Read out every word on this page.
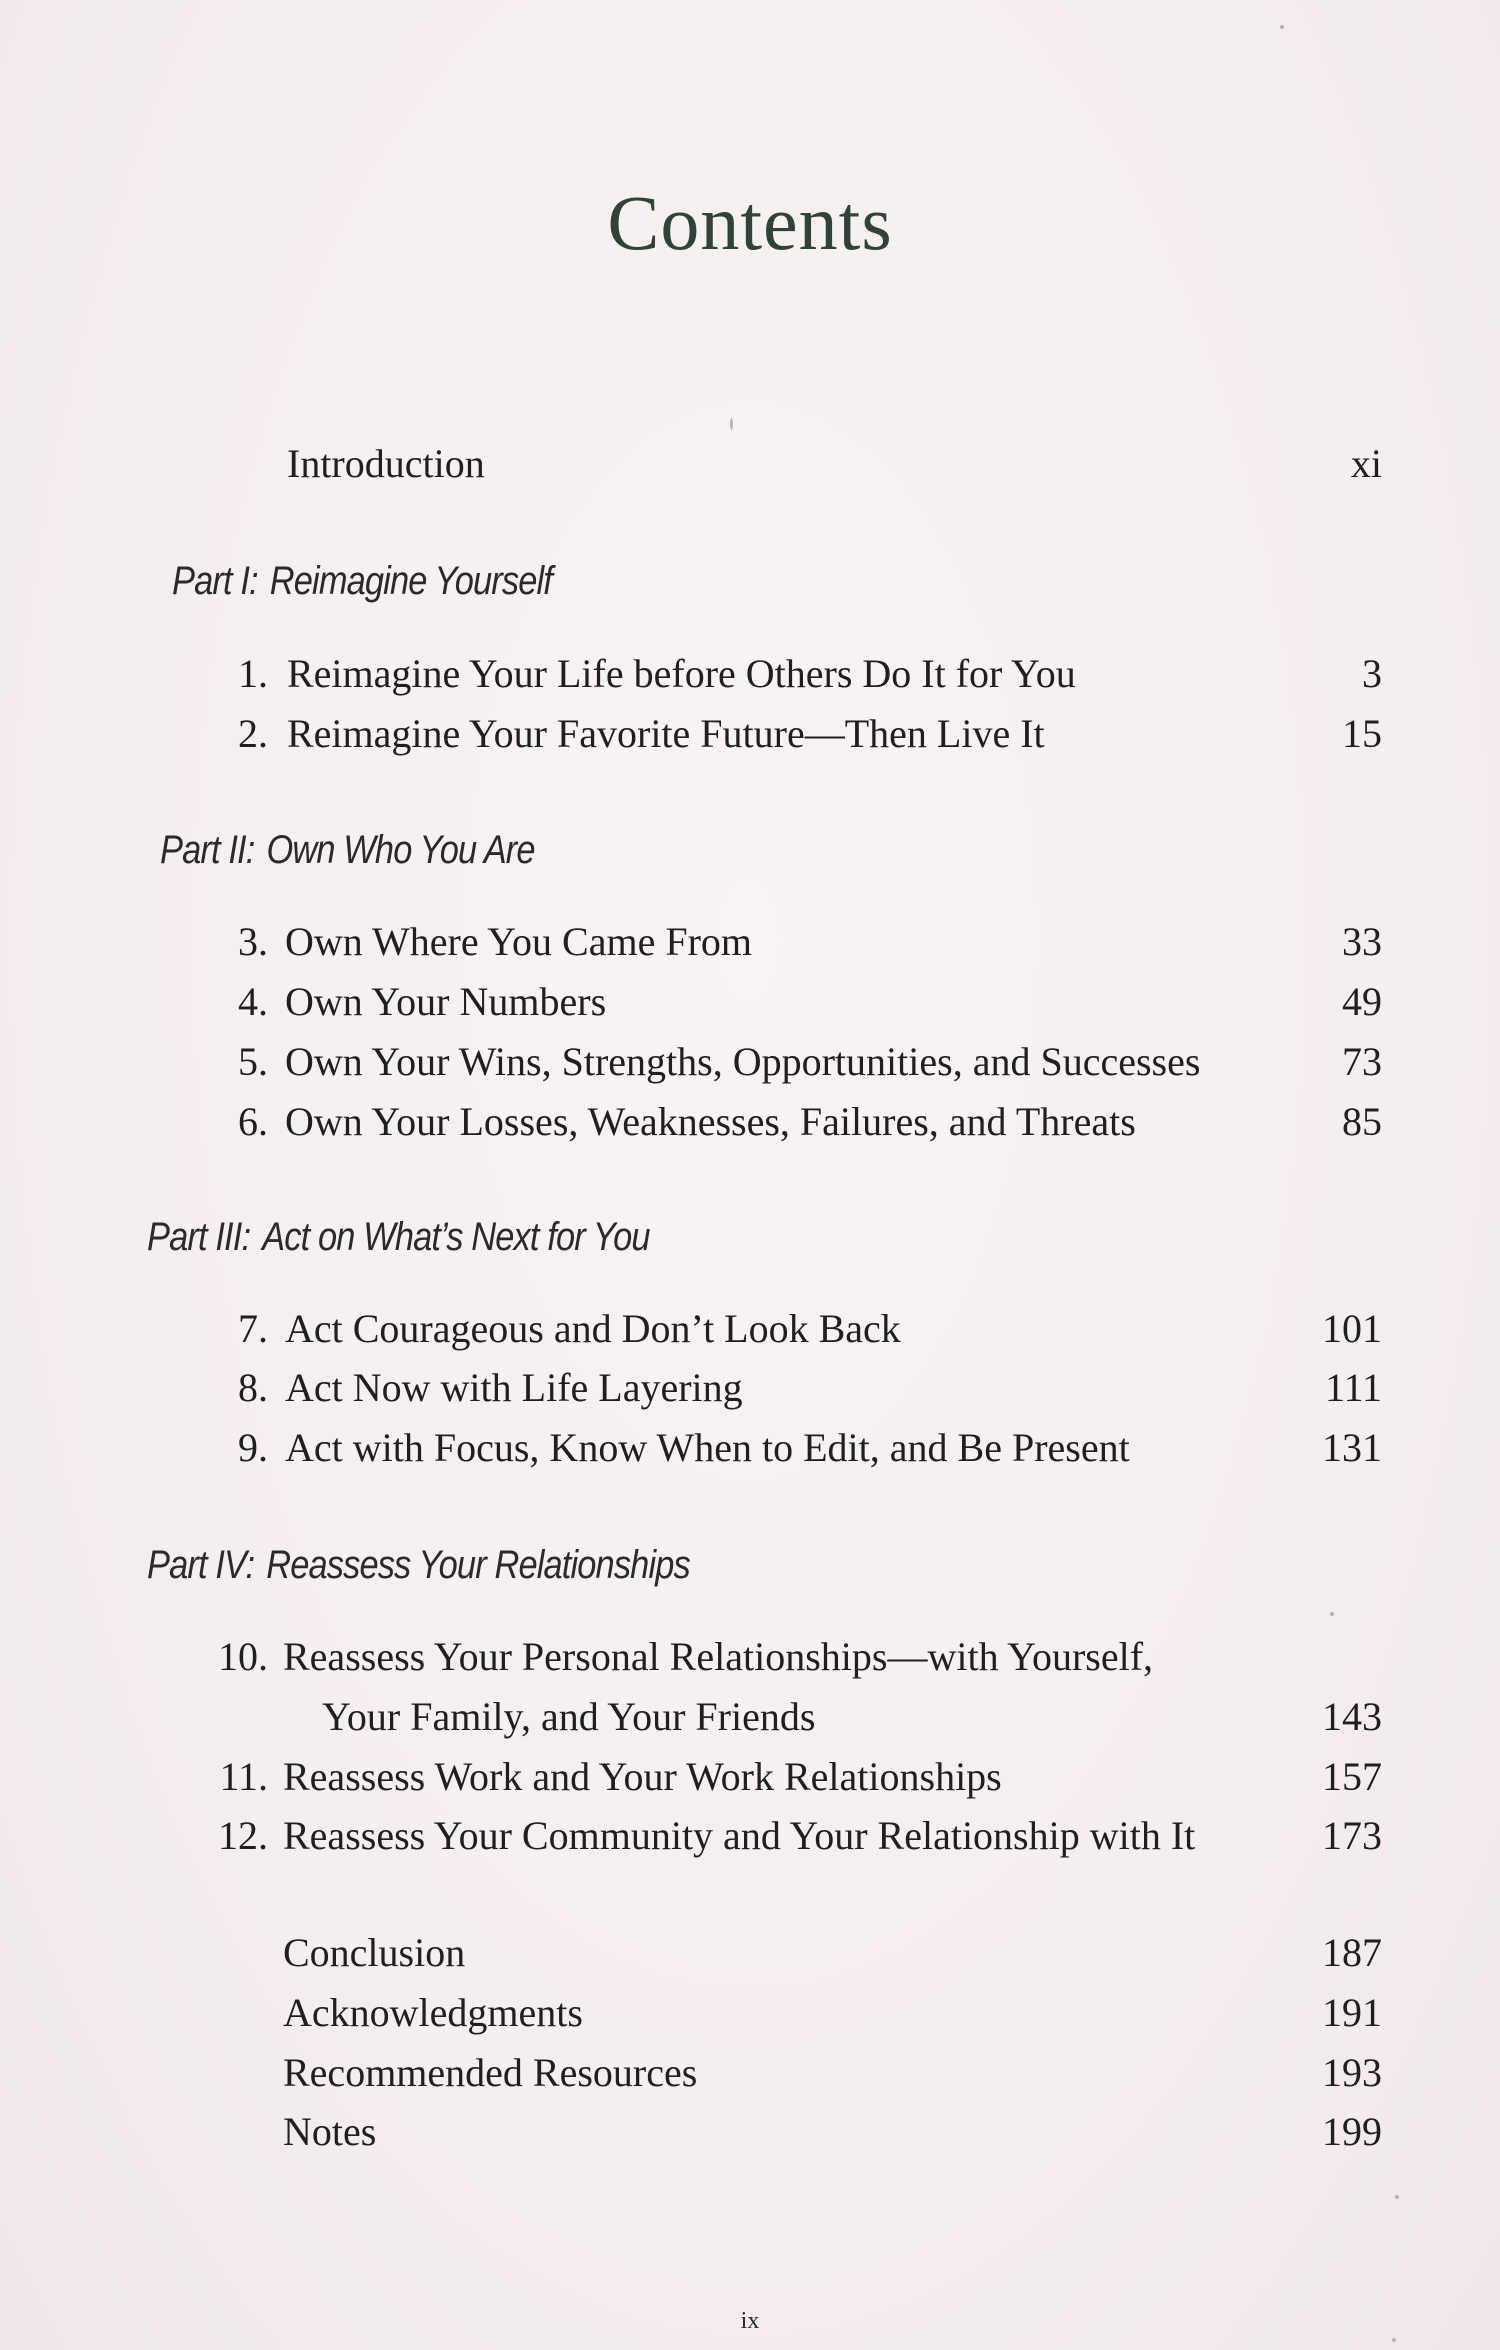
Contents
Introduction	xi
Part I: Reimagine Yourself
1. Reimagine Your Life before Others Do It for You	3
2. Reimagine Your Favorite Future—Then Live It	15
Part II: Own Who You Are
3. Own Where You Came From	33
4. Own Your Numbers	49
5. Own Your Wins, Strengths, Opportunities, and Successes	73
6. Own Your Losses, Weaknesses, Failures, and Threats	85
Part III: Act on What’s Next for You
7. Act Courageous and Don’t Look Back	101
8. Act Now with Life Layering	111
9. Act with Focus, Know When to Edit, and Be Present	131
Part IV: Reassess Your Relationships
10. Reassess Your Personal Relationships—with Yourself,
Your Family, and Your Friends	143
11. Reassess Work and Your Work Relationships	157
12. Reassess Your Community and Your Relationship with It	173
Conclusion	187
Acknowledgments	191
Recommended Resources	193
Notes	199
ix
